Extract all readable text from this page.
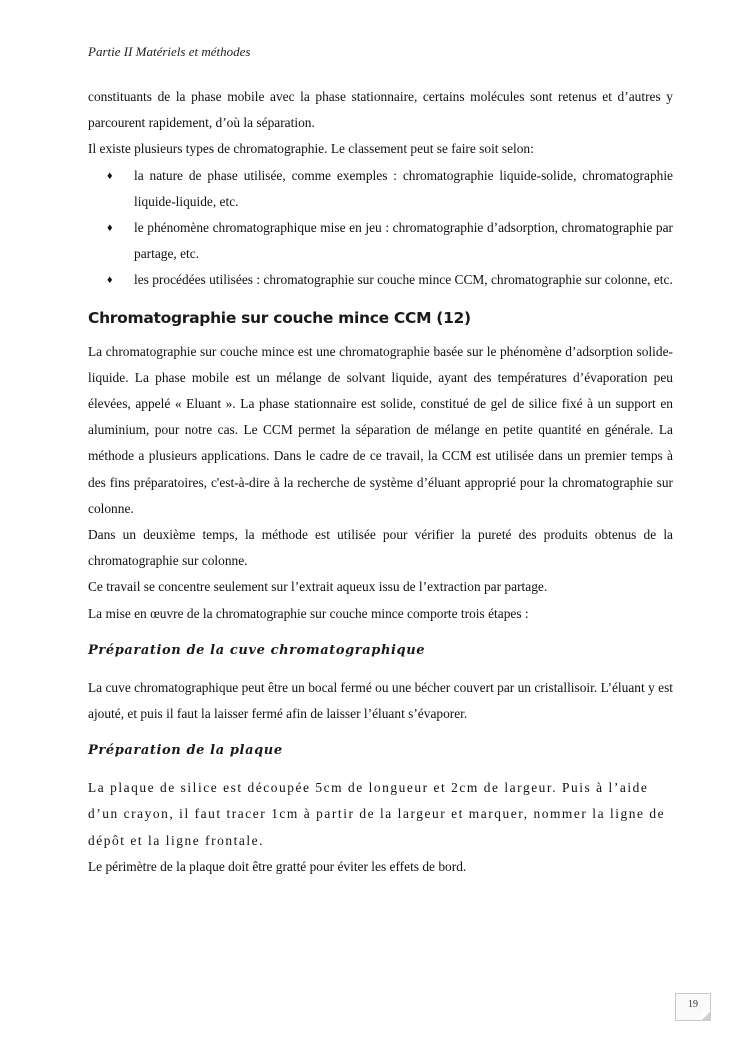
Partie II Matériels et méthodes

constituants de la phase mobile avec la phase stationnaire, certains molécules sont retenus et d’autres y parcourent rapidement, d’où la séparation.

Il existe plusieurs types de chromatographie. Le classement peut se faire soit selon:

♦ la nature de phase utilisée, comme exemples : chromatographie liquide-solide, chromatographie liquide-liquide, etc.
♦ le phénomène chromatographique mise en jeu : chromatographie d’adsorption, chromatographie par partage, etc.
♦ les procédées utilisées : chromatographie sur couche mince CCM, chromatographie sur colonne, etc.
Chromatographie sur couche mince CCM (12)

La chromatographie sur couche mince est une chromatographie basée sur le phénomène d’adsorption solide-liquide. La phase mobile est un mélange de solvant liquide, ayant des températures d’évaporation peu élevées, appelé « Eluant ». La phase stationnaire est solide, constitué de gel de silice fixé à un support en aluminium, pour notre cas. Le CCM permet la séparation de mélange en petite quantité en générale. La méthode a plusieurs applications. Dans le cadre de ce travail, la CCM est utilisée dans un premier temps à des fins préparatoires, c'est-à-dire à la recherche de système d’éluant approprié pour la chromatographie sur colonne.

Dans un deuxième temps, la méthode est utilisée pour vérifier la pureté des produits obtenus de la chromatographie sur colonne.

Ce travail se concentre seulement sur l’extrait aqueux issu de l’extraction par partage.

La mise en œuvre de la chromatographie sur couche mince comporte trois étapes :

Préparation de la cuve chromatographique

La cuve chromatographique peut être un bocal fermé ou une bécher couvert par un cristallisoir. L’éluant y est ajouté, et puis il faut la laisser fermé afin de laisser l’éluant s’évaporer.

Préparation de la plaque

La plaque de silice est découpée 5cm de longueur et 2cm de largeur. Puis à l’aide d’un crayon, il faut tracer 1cm à partir de la largeur et marquer, nommer la ligne de dépôt et la ligne frontale.

Le périmètre de la plaque doit être gratté pour éviter les effets de bord.

19
